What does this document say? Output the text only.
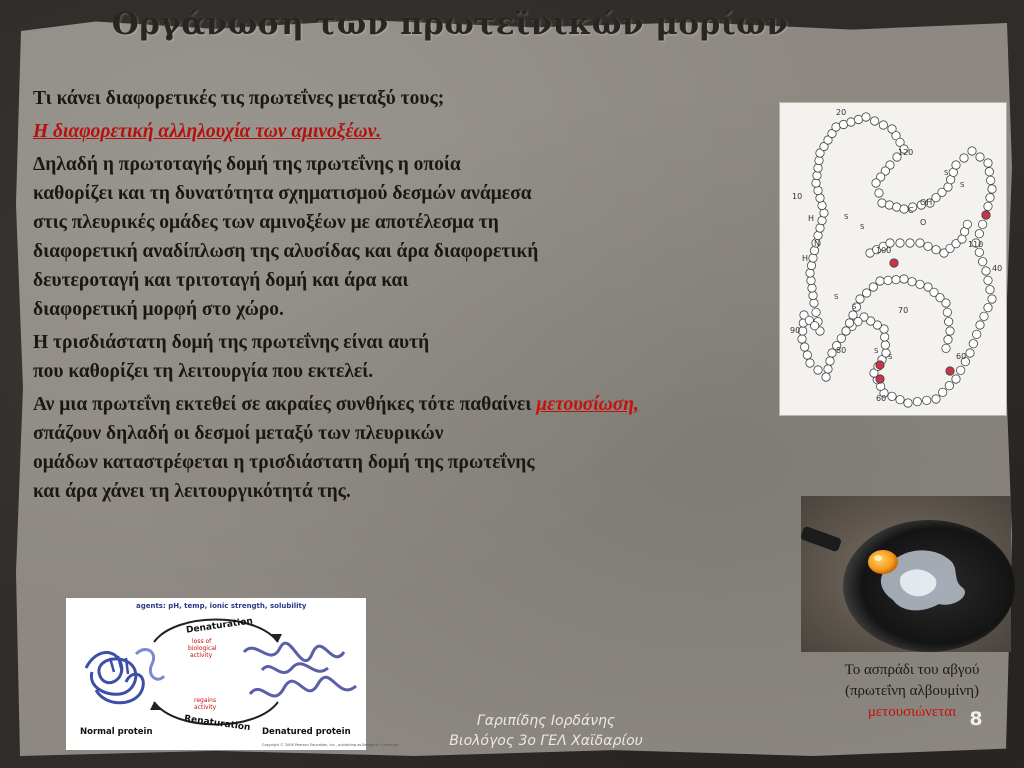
Οργάνωση των πρωτεϊνικών μορίων
Τι κάνει διαφορετικές τις πρωτεΐνες μεταξύ τους;
Η διαφορετική αλληλουχία των αμινοξέων.
Δηλαδή η πρωτοταγής δομή της πρωτεΐνης η οποία
καθορίζει και τη δυνατότητα σχηματισμού δεσμών ανάμεσα
στις πλευρικές ομάδες των αμινοξέων με αποτέλεσμα τη
διαφορετική αναδίπλωση της αλυσίδας και άρα διαφορετική
δευτεροταγή και τριτοταγή δομή και άρα και
διαφορετική μορφή στο χώρο.
Η τρισδιάστατη δομή της πρωτεΐνης είναι αυτή
που καθορίζει τη λειτουργία που εκτελεί.
Αν μια πρωτεΐνη εκτεθεί σε ακραίες συνθήκες τότε παθαίνει μετουσίωση,
σπάζουν δηλαδή οι δεσμοί μεταξύ των πλευρικών
ομάδων καταστρέφεται η τρισδιάστατη δομή της πρωτεΐνης
και άρα χάνει τη λειτουργικότητά της.
20
120
10
110
100
40
70
90
80
60
60
H
N
H
C
O
OH
S
S
S
S
S
S
S
S
agents: pH, temp, ionic strength, solubility
Denaturation
loss of
biological
activity
regains
activity
Renaturation
Normal protein	Denatured protein
Copyright © 2006 Pearson Education, Inc., publishing as Benjamin Cummings
Το ασπράδι του αβγού
(πρωτεΐνη αλβουμίνη)
μετουσιώνεται
Γαριπίδης Ιορδάνης
Βιολόγος 3ο ΓΕΛ Χαϊδαρίου
8
